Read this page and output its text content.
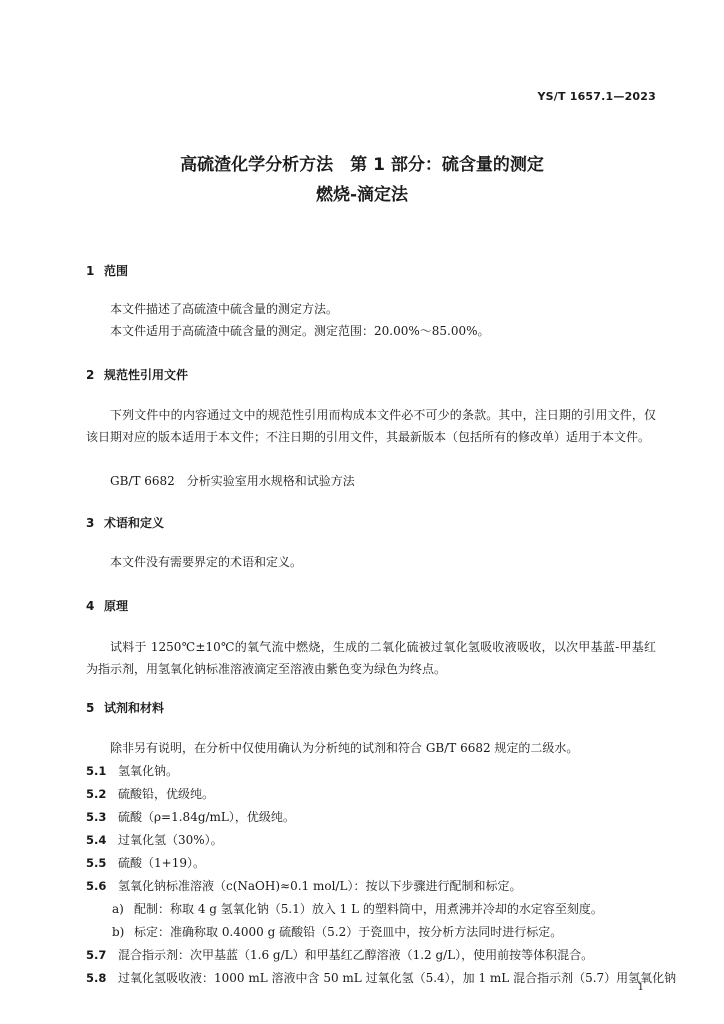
YS/T 1657.1—2023
高硫渣化学分析方法　第 1 部分：硫含量的测定
燃烧-滴定法
1 范围
本文件描述了高硫渣中硫含量的测定方法。
本文件适用于高硫渣中硫含量的测定。测定范围：20.00%～85.00%。
2 规范性引用文件
下列文件中的内容通过文中的规范性引用而构成本文件必不可少的条款。其中，注日期的引用文件，仅该日期对应的版本适用于本文件；不注日期的引用文件，其最新版本（包括所有的修改单）适用于本文件。
GB/T 6682　分析实验室用水规格和试验方法
3 术语和定义
本文件没有需要界定的术语和定义。
4 原理
试料于 1250℃±10℃的氧气流中燃烧，生成的二氧化硫被过氧化氢吸收液吸收，以次甲基蓝-甲基红为指示剂，用氢氧化钠标准溶液滴定至溶液由紫色变为绿色为终点。
5 试剂和材料
除非另有说明，在分析中仅使用确认为分析纯的试剂和符合 GB/T 6682 规定的二级水。
5.1 氢氧化钠。
5.2 硫酸铅，优级纯。
5.3 硫酸（ρ=1.84g/mL），优级纯。
5.4 过氧化氢（30%）。
5.5 硫酸（1+19）。
5.6 氢氧化钠标准溶液（c(NaOH)≈0.1 mol/L）：按以下步骤进行配制和标定。
a) 配制：称取 4 g 氢氧化钠（5.1）放入 1 L 的塑料筒中，用煮沸并冷却的水定容至刻度。
b) 标定：准确称取 0.4000 g 硫酸铅（5.2）于瓷皿中，按分析方法同时进行标定。
5.7 混合指示剂：次甲基蓝（1.6 g/L）和甲基红乙醇溶液（1.2 g/L），使用前按等体积混合。
5.8 过氧化氢吸收液：1000 mL 溶液中含 50 mL 过氧化氢（5.4），加 1 mL 混合指示剂（5.7）用氢氧化钠
1
